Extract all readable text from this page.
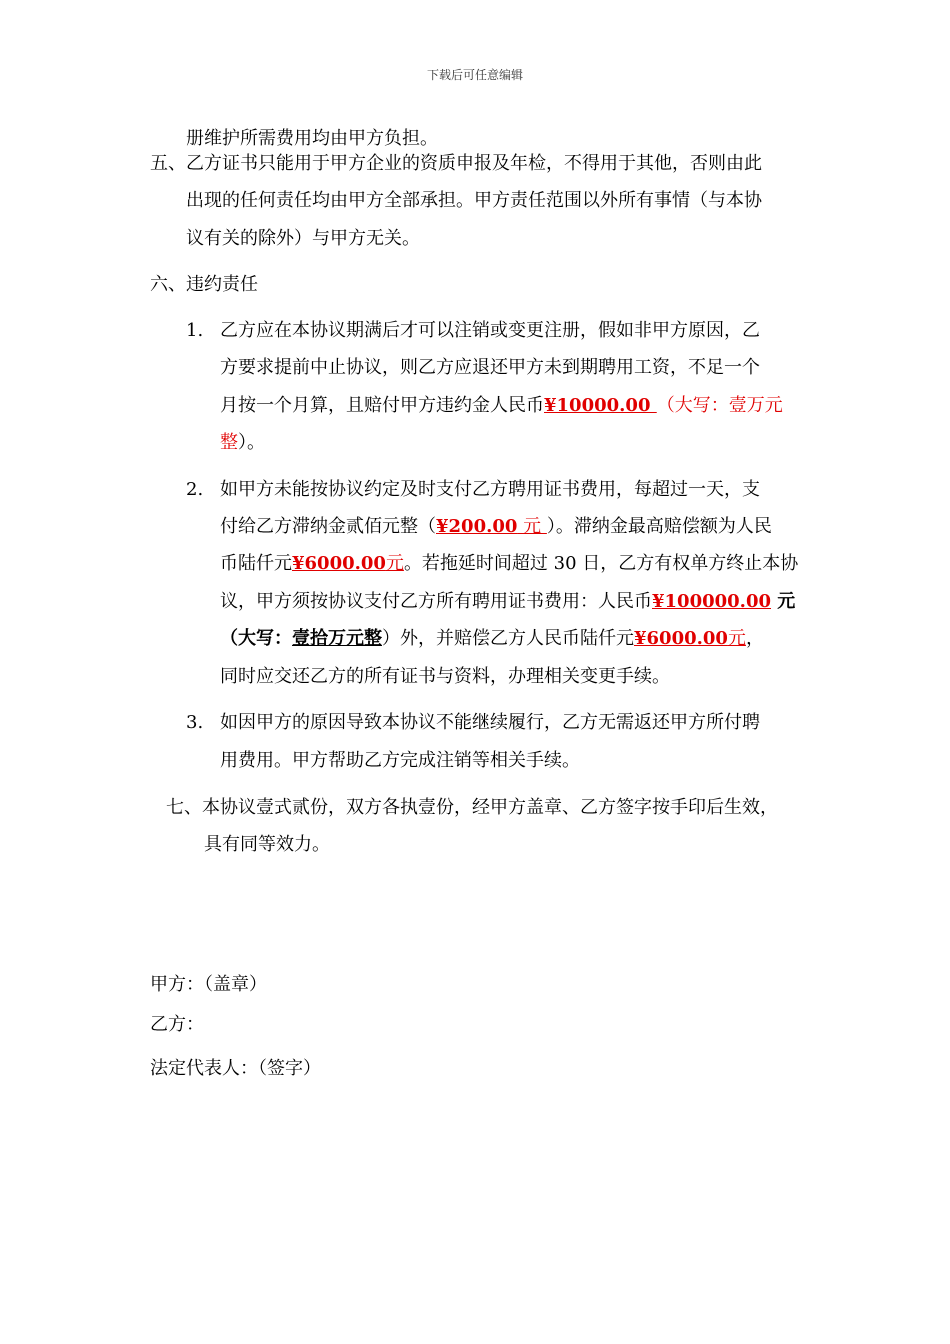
下载后可任意编辑
册维护所需费用均由甲方负担。
五、乙方证书只能用于甲方企业的资质申报及年检，不得用于其他，否则由此
出现的任何责任均由甲方全部承担。甲方责任范围以外所有事情（与本协
议有关的除外）与甲方无关。
六、违约责任
1. 乙方应在本协议期满后才可以注销或变更注册，假如非甲方原因，乙
方要求提前中止协议，则乙方应退还甲方未到期聘用工资，不足一个
月按一个月算，且赔付甲方违约金人民币¥10000.00 （大写：壹万元
整）。
2. 如甲方未能按协议约定及时支付乙方聘用证书费用，每超过一天，支
付给乙方滞纳金贰佰元整（¥200.00 元 ）。滞纳金最高赔偿额为人民
币陆仟元¥6000.00元。若拖延时间超过 30 日，乙方有权单方终止本协
议，甲方须按协议支付乙方所有聘用证书费用：人民币¥100000.00 元
（大写：壹拾万元整）外，并赔偿乙方人民币陆仟元¥6000.00元，
同时应交还乙方的所有证书与资料，办理相关变更手续。
3. 如因甲方的原因导致本协议不能继续履行，乙方无需返还甲方所付聘
用费用。甲方帮助乙方完成注销等相关手续。
七、本协议壹式贰份，双方各执壹份，经甲方盖章、乙方签字按手印后生效，
具有同等效力。
甲方：（盖章）
乙方：
法定代表人：（签字）
